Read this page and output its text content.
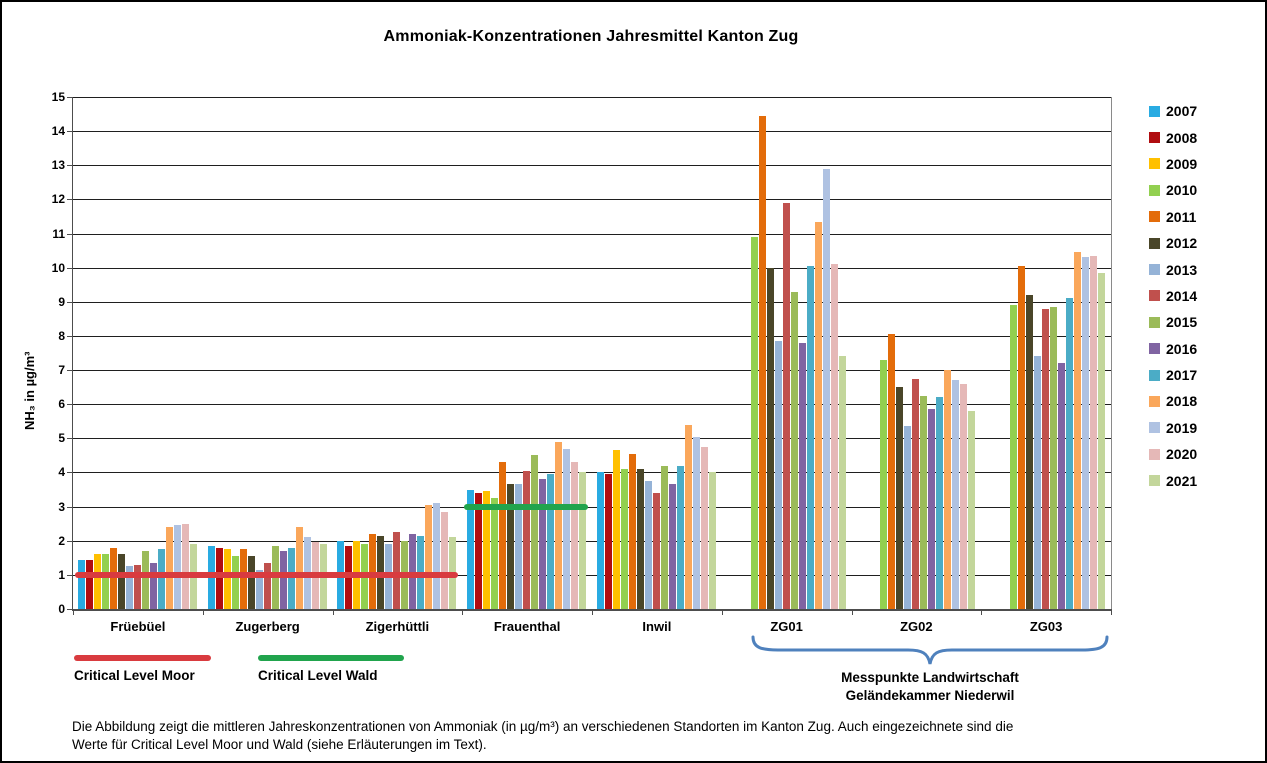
Ammoniak-Konzentrationen Jahresmittel Kanton Zug
NH₃ in µg/m³
0
1
2
3
4
5
6
7
8
9
10
11
12
13
14
15
Früebüel	Zugerberg	Zigerhüttli	Frauenthal	Inwil	ZG01	ZG02	ZG03
2007
2008
2009
2010
2011
2012
2013
2014
2015
2016
2017
2018
2019
2020
2021
Critical Level Moor	Critical Level Wald	Messpunkte Landwirtschaft
Geländekammer Niederwil
Die Abbildung zeigt die mittleren Jahreskonzentrationen von Ammoniak (in µg/m³) an verschiedenen Standorten im Kanton Zug. Auch eingezeichnete sind die
Werte für Critical Level Moor und Wald (siehe Erläuterungen im Text).
